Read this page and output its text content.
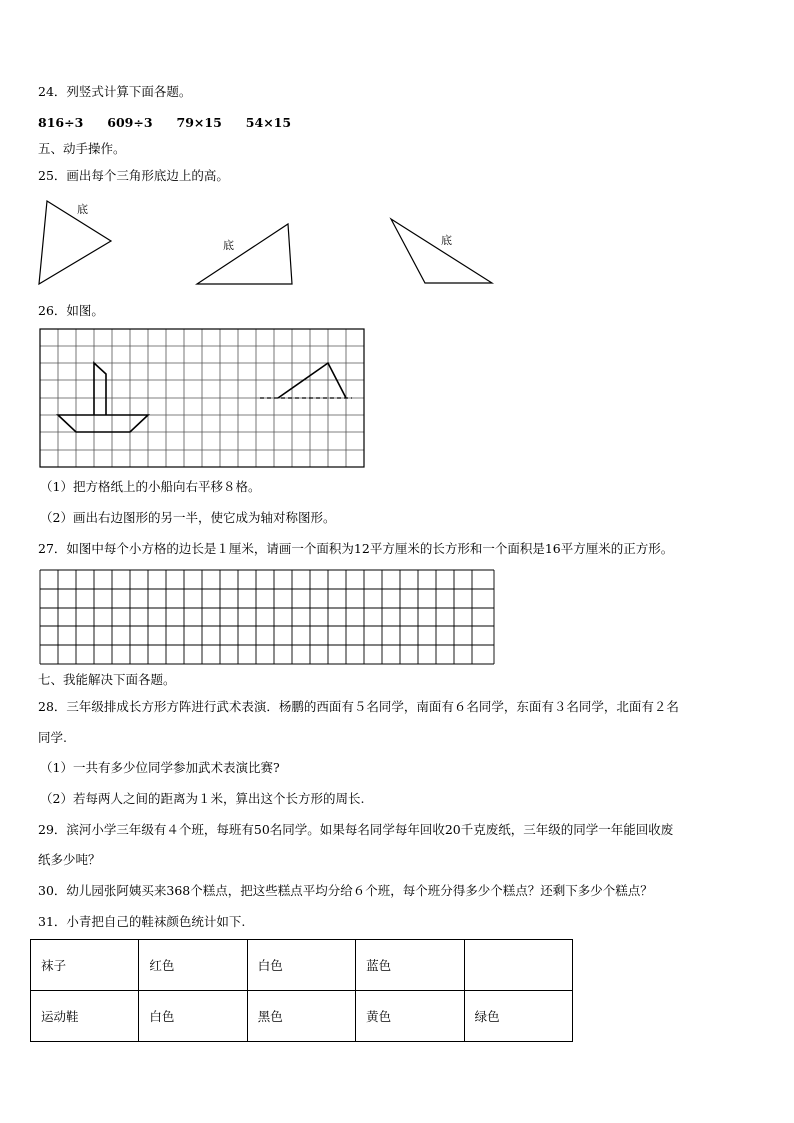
24．列竖式计算下面各题。
816÷3 609÷3 79×15 54×15
五、动手操作。
25．画出每个三角形底边上的高。
底
底	底
26．如图。
（1）把方格纸上的小船向右平移８格。
（2）画出右边图形的另一半，使它成为轴对称图形。
27．如图中每个小方格的边长是１厘米，请画一个面积为12平方厘米的长方形和一个面积是16平方厘米的正方形。
七、我能解决下面各题。
28．三年级排成长方形方阵进行武术表演．杨鹏的西面有５名同学，南面有６名同学，东面有３名同学，北面有２名
同学.
（1）一共有多少位同学参加武术表演比赛?
（2）若每两人之间的距离为１米，算出这个长方形的周长.
29．滨河小学三年级有４个班，每班有50名同学。如果每名同学每年回收20千克废纸，三年级的同学一年能回收废
纸多少吨？
30．幼儿园张阿姨买来368个糕点，把这些糕点平均分给６个班，每个班分得多少个糕点？还剩下多少个糕点？
31．小青把自己的鞋袜颜色统计如下.
袜子	红色	白色	蓝色	
运动鞋	白色	黑色	黄色	绿色
